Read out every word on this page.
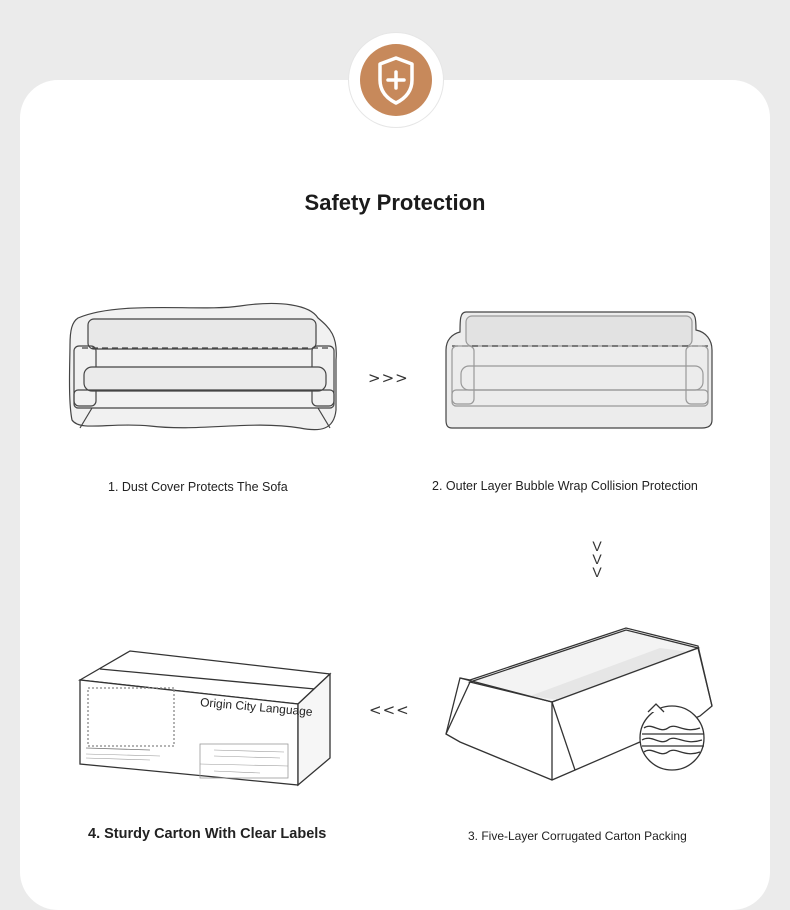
Safety Protection
Origin City Language
>>>
V
V
V
<<<
1. Dust Cover Protects The Sofa	2. Outer Layer Bubble Wrap Collision Protection
3. Five-Layer Corrugated Carton Packing
4. Sturdy Carton With Clear Labels
